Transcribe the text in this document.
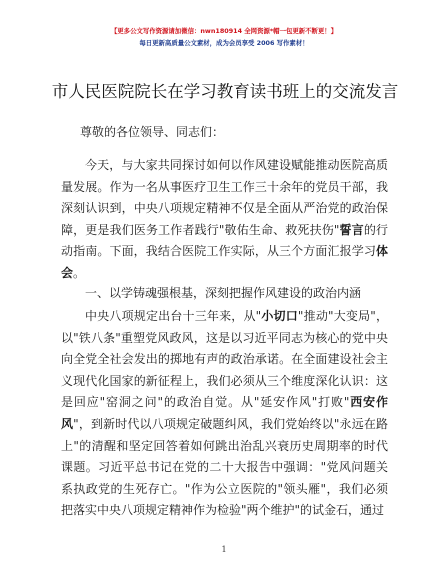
【更多公文写作资源请加微信：nwn180914 全网资源*帽一包更新不断更！】
每日更新高质量公文素材，成为会员享受 2006 写作素材！
市人民医院院长在学习教育读书班上的交流发言
尊敬的各位领导、同志们：
今天，与大家共同探讨如何以作风建设赋能推动医院高质量发展。作为一名从事医疗卫生工作三十余年的党员干部，我深刻认识到，中央八项规定精神不仅是全面从严治党的政治保障，更是我们医务工作者践行"敬佑生命、救死扶伤"誓言的行动指南。下面，我结合医院工作实际，从三个方面汇报学习体会。
一、以学铸魂强根基，深刻把握作风建设的政治内涵
中央八项规定出台十三年来，从"小切口"推动"大变局"，以"铁八条"重塑党风政风，这是以习近平同志为核心的党中央向全党全社会发出的掷地有声的政治承诺。在全面建设社会主义现代化国家的新征程上，我们必须从三个维度深化认识：这是回应"窑洞之问"的政治自觉。从"延安作风"打败"西安作风"，到新时代以八项规定破题纠风，我们党始终以"永远在路上"的清醒和坚定回答着如何跳出治乱兴衰历史周期率的时代课题。习近平总书记在党的二十大报告中强调："党风问题关系执政党的生死存亡。"作为公立医院的"领头雁"，我们必须把落实中央八项规定精神作为检验"两个维护"的试金石，通过
1
